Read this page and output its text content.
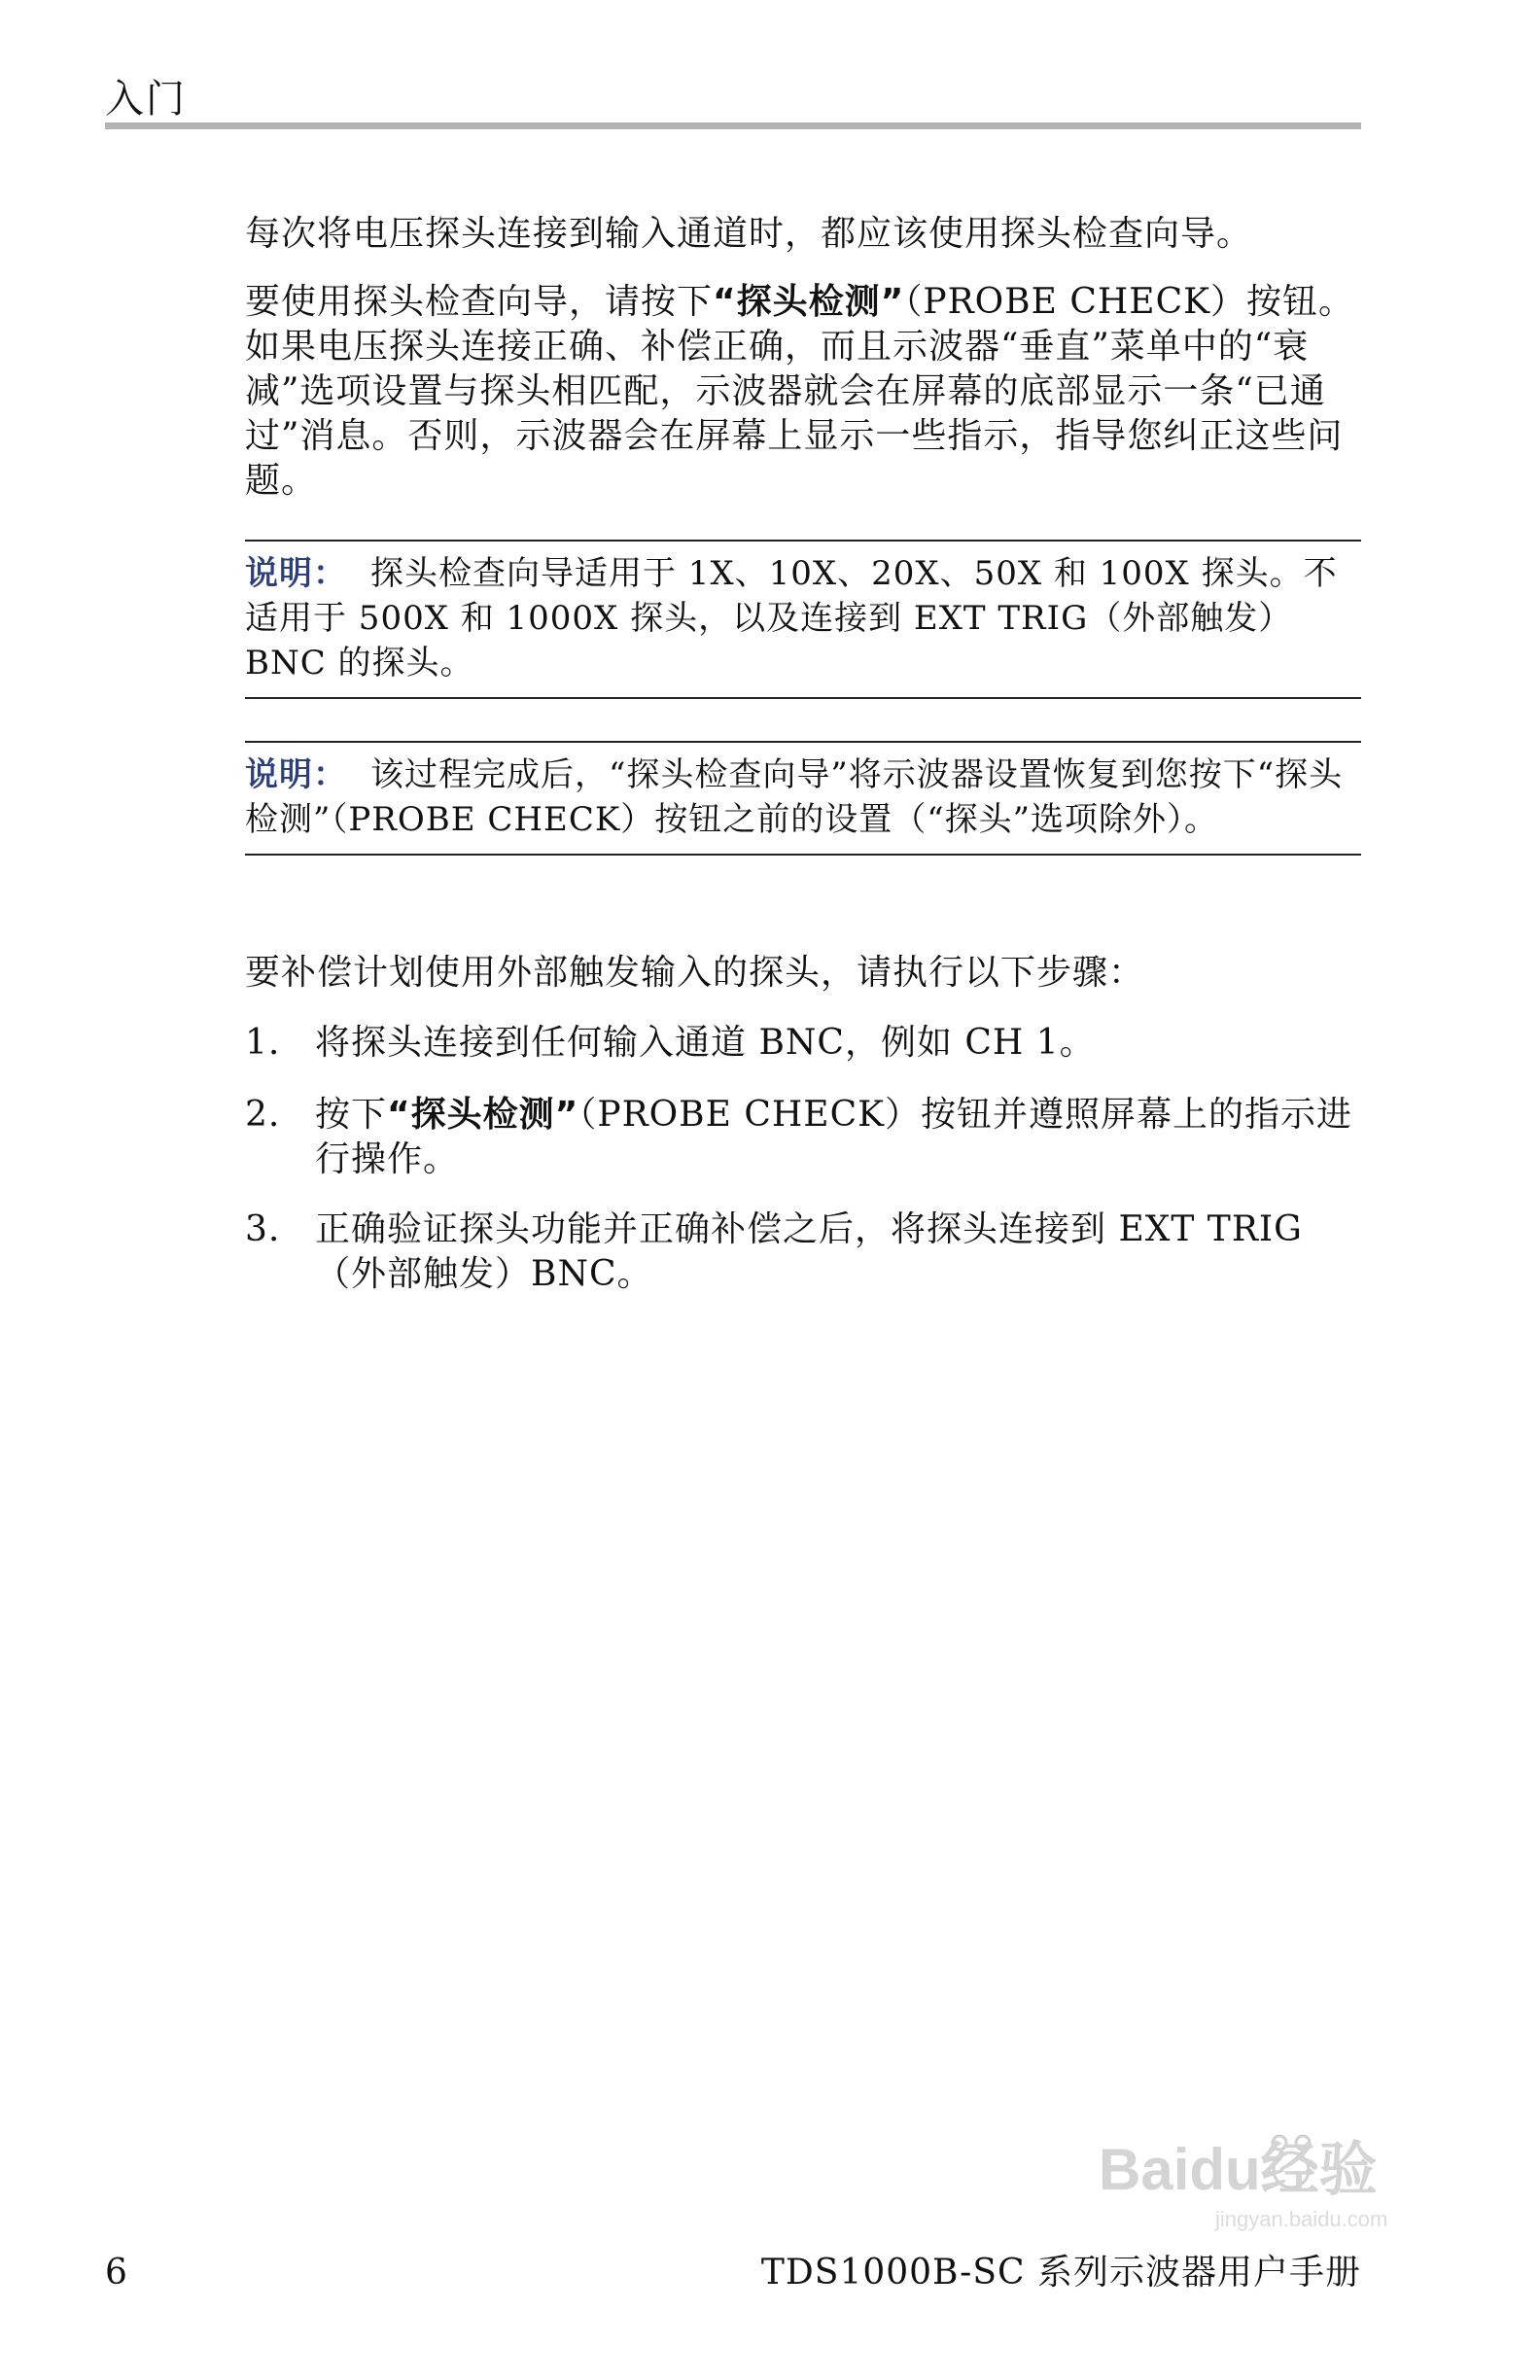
入门

每次将电压探头连接到输入通道时，都应该使用探头检查向导。

要使用探头检查向导，请按下“探头检测”（PROBE CHECK）按钮。如果电压探头连接正确、补偿正确，而且示波器“垂直”菜单中的“衰减”选项设置与探头相匹配，示波器就会在屏幕的底部显示一条“已通过”消息。否则，示波器会在屏幕上显示一些指示，指导您纠正这些问题。

说明： 探头检查向导适用于 1X、10X、20X、50X 和 100X 探头。不适用于 500X 和 1000X 探头，以及连接到 EXT TRIG（外部触发）BNC 的探头。
说明： 该过程完成后，“探头检查向导”将示波器设置恢复到您按下“探头检测”（PROBE CHECK）按钮之前的设置（“探头”选项除外）。

要补偿计划使用外部触发输入的探头，请执行以下步骤：

1. 将探头连接到任何输入通道 BNC，例如 CH 1。
2. 按下“探头检测”（PROBE CHECK）按钮并遵照屏幕上的指示进行操作。
3. 正确验证探头功能并正确补偿之后，将探头连接到 EXT TRIG（外部触发）BNC。
Baidu经验
jingyan.baidu.com
6	TDS1000B-SC 系列示波器用户手册
